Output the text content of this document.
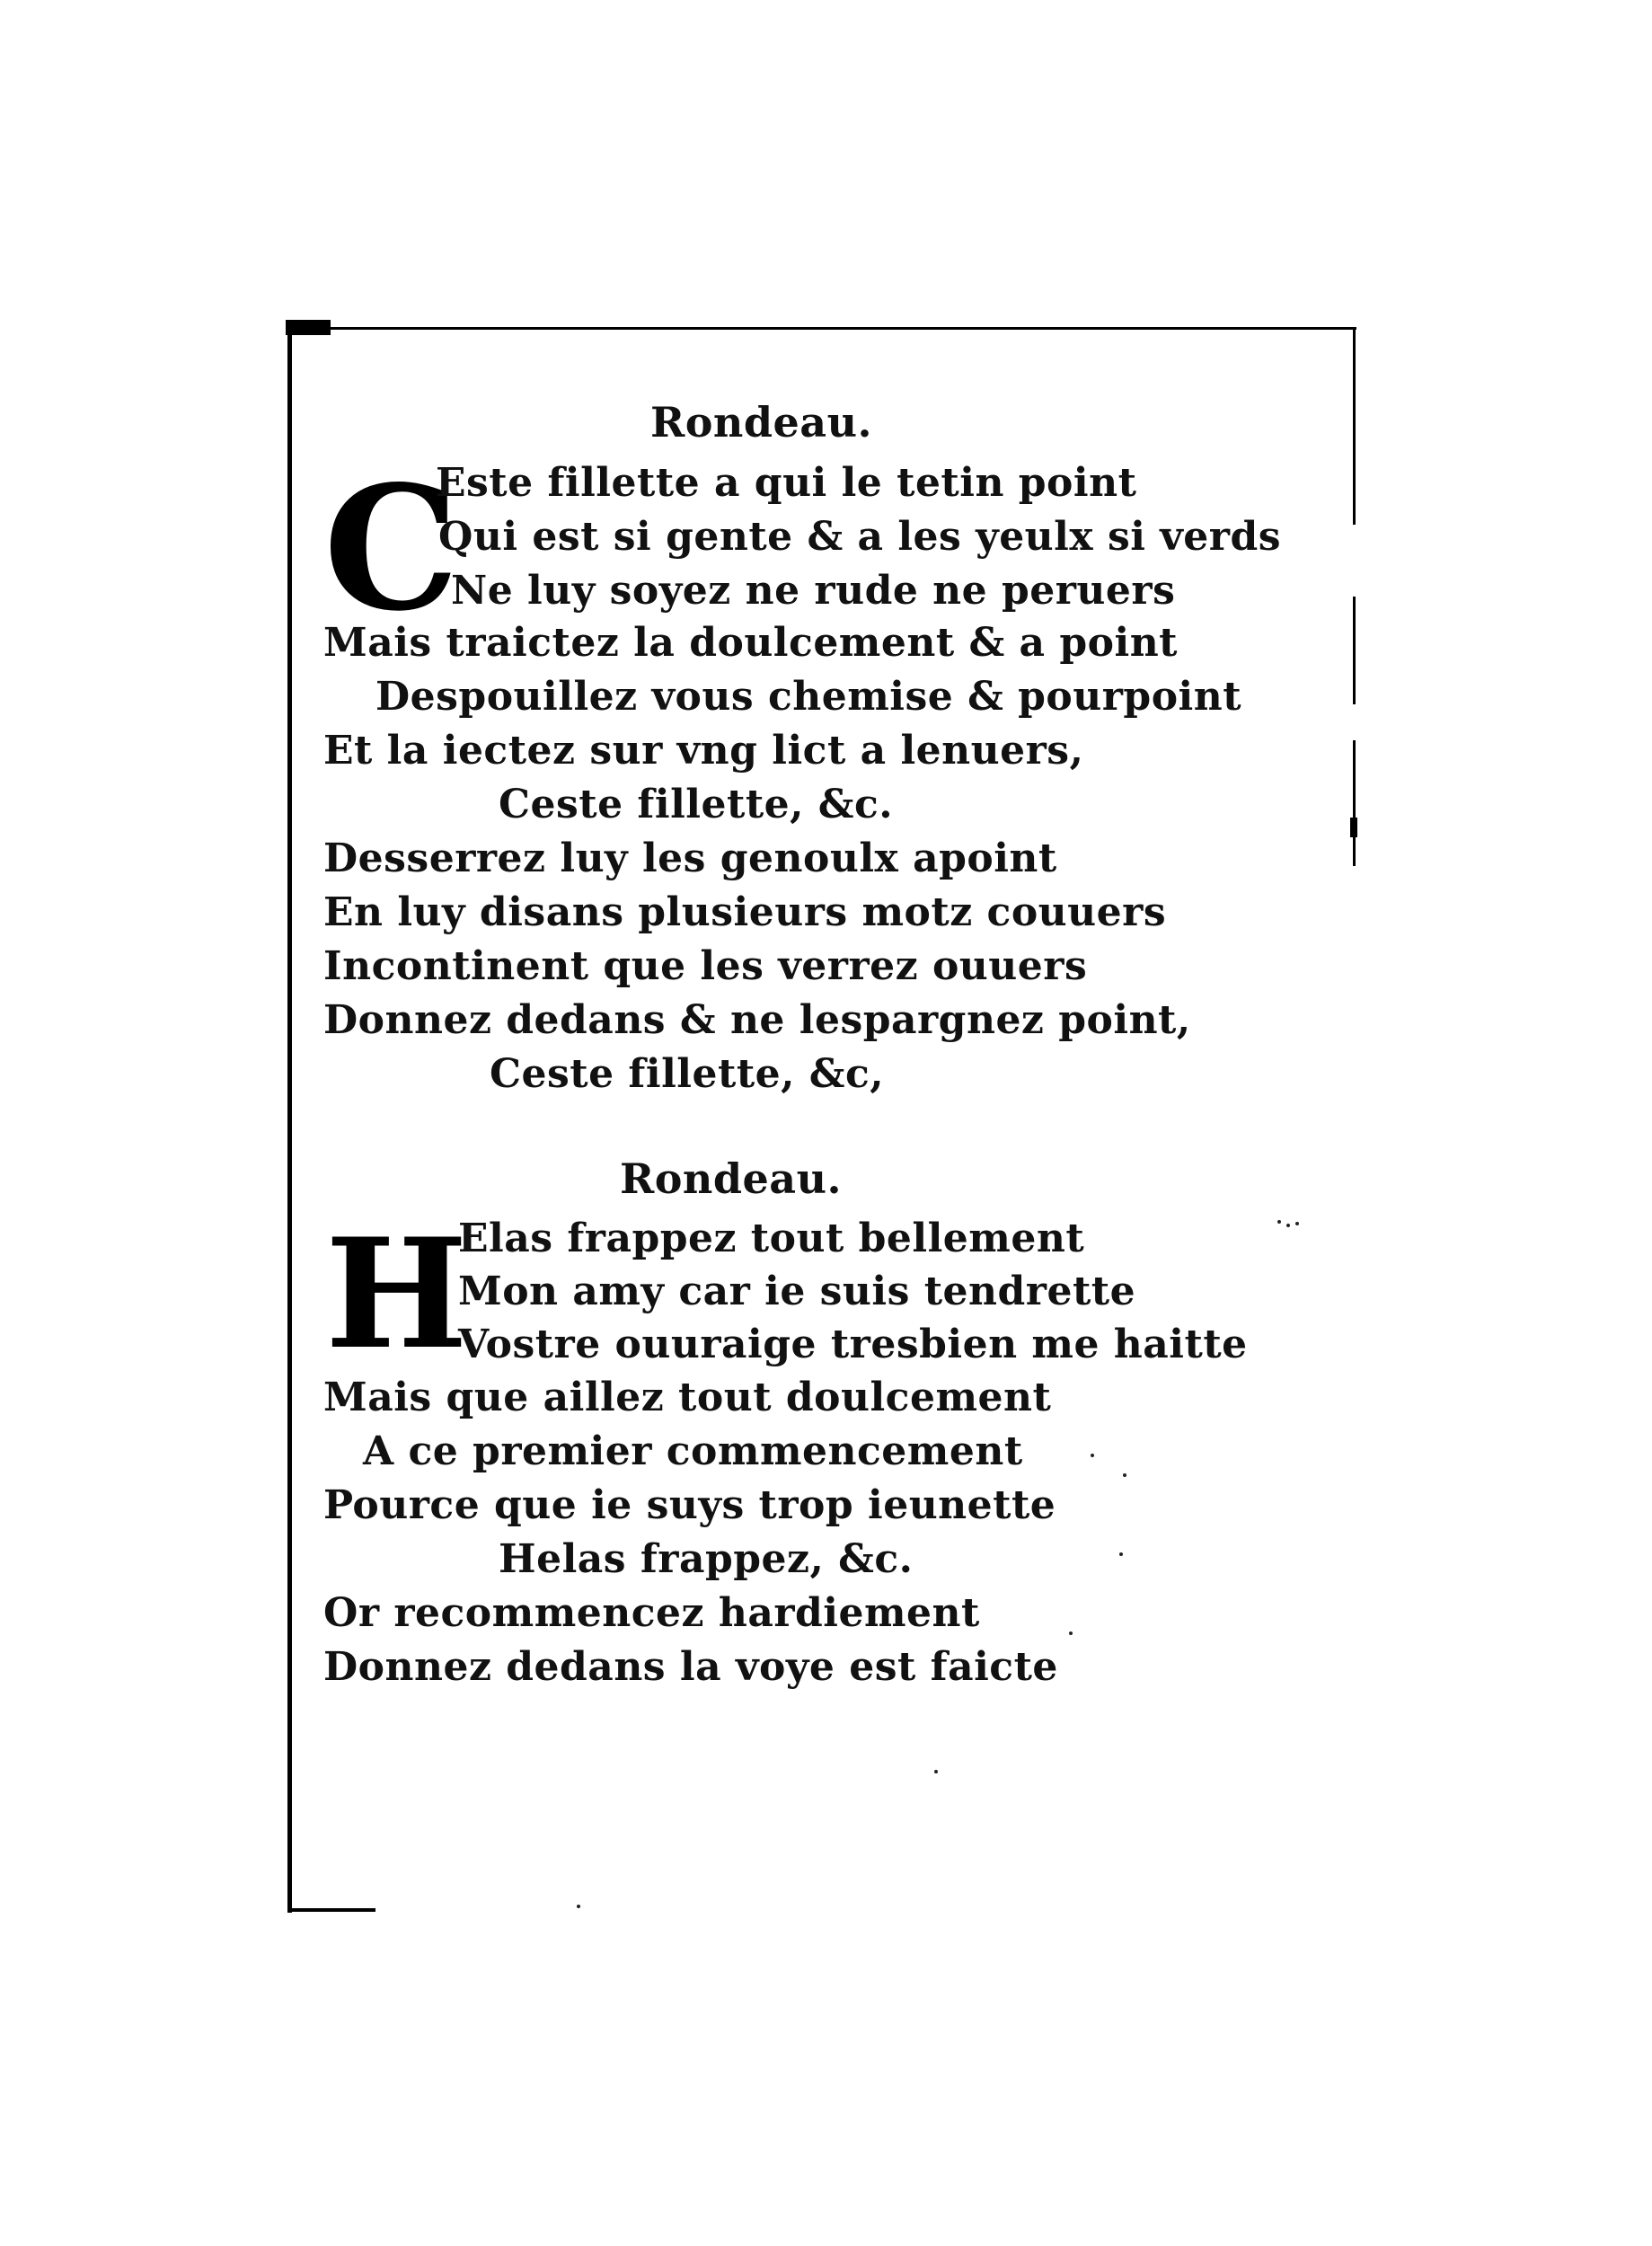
Rondeau.
C
Este fillette a qui le tetin point
Qui est si gente & a les yeulx si verds
Ne luy soyez ne rude ne peruers
Mais traictez la doulcement & a point
Despouillez vous chemise & pourpoint
Et la iectez sur vng lict a lenuers,
Ceste fillette, &c.
Desserrez luy les genoulx apoint
En luy disans plusieurs motz couuers
Incontinent que les verrez ouuers
Donnez dedans & ne lespargnez point,
Ceste fillette, &c,
Rondeau.
H
Elas frappez tout bellement
Mon amy car ie suis tendrette
Vostre ouuraige tresbien me haitte
Mais que aillez tout doulcement
A ce premier commencement
Pource que ie suys trop ieunette
Helas frappez, &c.
Or recommencez hardiement
Donnez dedans la voye est faicte
